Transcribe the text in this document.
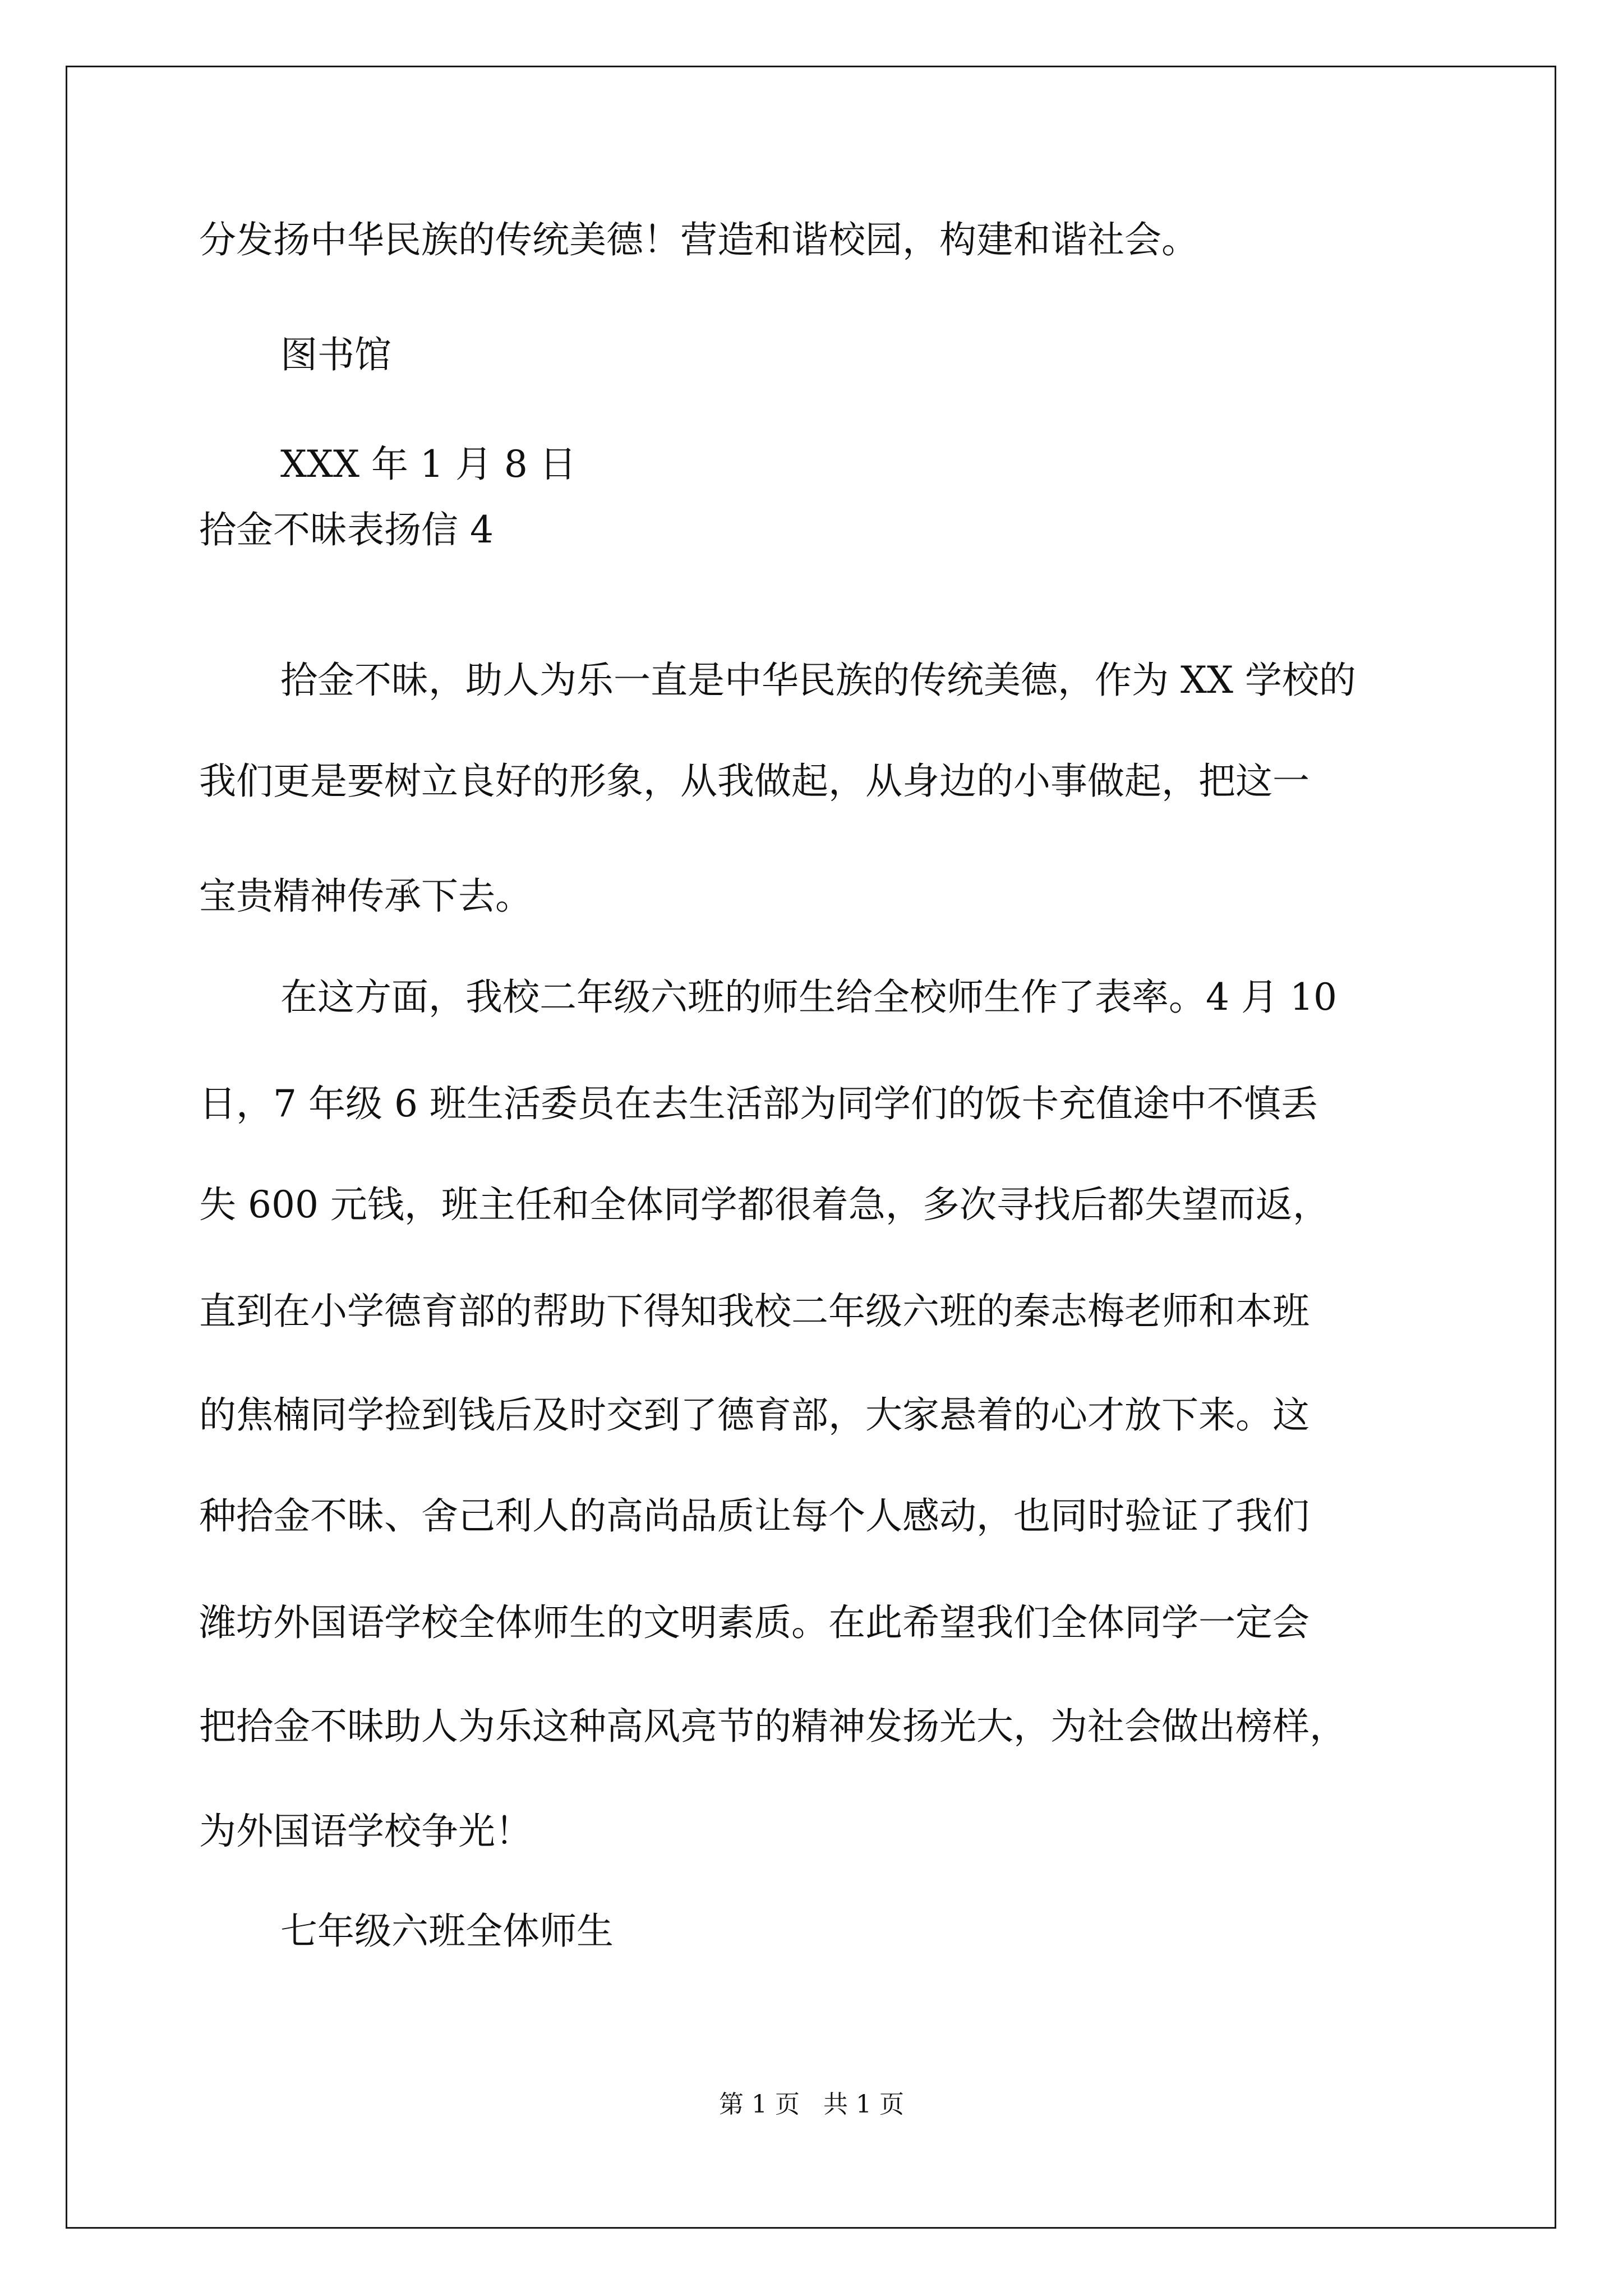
分发扬中华民族的传统美德！营造和谐校园，构建和谐社会。
图书馆
XXX 年 1 月 8 日
拾金不昧表扬信 4
拾金不昧，助人为乐一直是中华民族的传统美德，作为 XX 学校的
我们更是要树立良好的形象，从我做起，从身边的小事做起，把这一
宝贵精神传承下去。
在这方面，我校二年级六班的师生给全校师生作了表率。4 月 10
日，7 年级 6 班生活委员在去生活部为同学们的饭卡充值途中不慎丢
失 600 元钱，班主任和全体同学都很着急，多次寻找后都失望而返，
直到在小学德育部的帮助下得知我校二年级六班的秦志梅老师和本班
的焦楠同学捡到钱后及时交到了德育部，大家悬着的心才放下来。这
种拾金不昧、舍己利人的高尚品质让每个人感动，也同时验证了我们
潍坊外国语学校全体师生的文明素质。在此希望我们全体同学一定会
把拾金不昧助人为乐这种高风亮节的精神发扬光大，为社会做出榜样，
为外国语学校争光！
七年级六班全体师生
第 1 页   共 1 页
